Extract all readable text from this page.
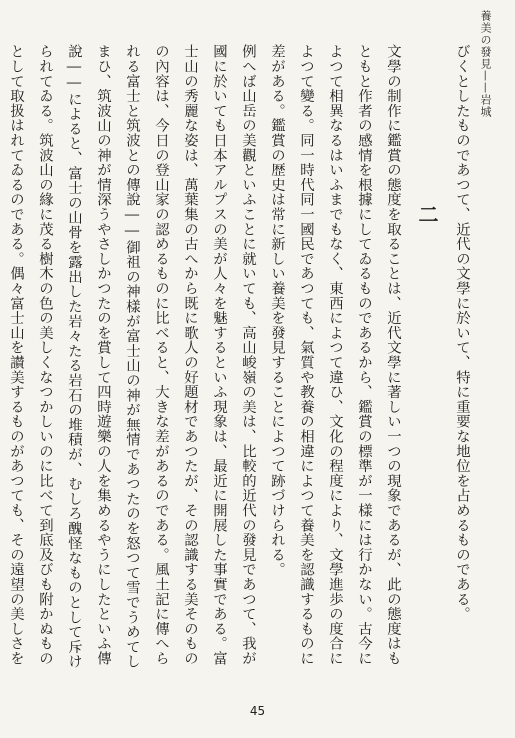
養美の發見——岩城

びくとしたものであつて、近代の文學に於いて、特に重要な地位を占めるものである。

二

文學の制作に鑑賞の態度を取ることは、近代文學に著しい一つの現象であるが、此の態度はもともと作者の感情を根據にしてゐるものであるから、鑑賞の標準が一樣には行かない。古今によつて相異なるはいふまでもなく、東西によつて違ひ、文化の程度により、文學進歩の度合によつて變る。同一時代同一國民であつても、氣質や教養の相違によつて養美を認識するものに差がある。鑑賞の歴史は常に新しい養美を發見することによつて跡づけられる。

例へば山岳の美觀といふことに就いても、高山峻嶺の美は、比較的近代の發見であつて、我が國に於いても日本アルプスの美が人々を魅するといふ現象は、最近に開展した事實である。富士山の秀麗な姿は、萬葉集の古へから既に歌人の好題材であつたが、その認識する美そのものの內容は、今日の登山家の認めるものに比べると、大きな差があるのである。風土記に傳へられる富士と筑波との傳說――御祖の神樣が富士山の神が無情であつたのを怒つて雪でうめてしまひ、筑波山の神が情深うやさしかつたのを賞して四時遊樂の人を集めるやうにしたといふ傳說――によると、富士の山骨を露出した岩々たる岩石の堆積が、むしろ醜怪なものとして斥けられてゐる。筑波山の緣に茂る樹木の色の美しくなつかしいのに比べて到底及びも附かぬものとして取扱はれてゐるのである。偶々富士山を讃美するものがあつても、その遠望の美しさを

45
